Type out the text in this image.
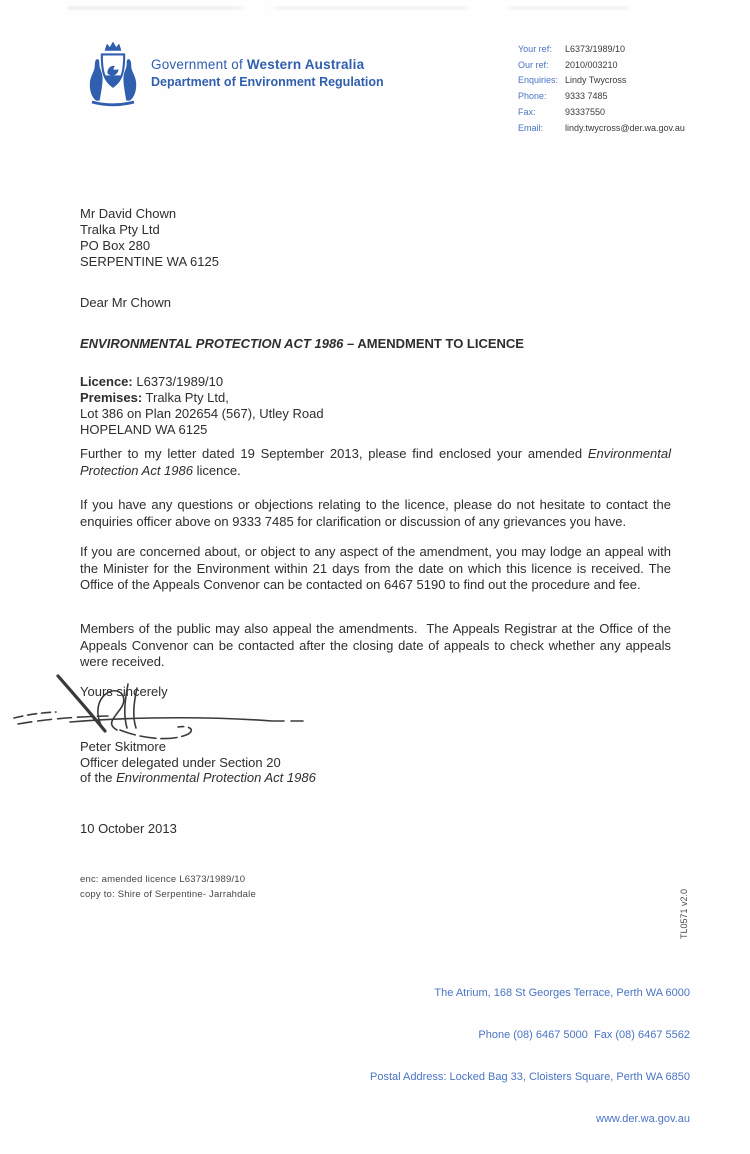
Government of Western Australia
Department of Environment Regulation
Your ref:	L6373/1989/10
Our ref:	2010/003210
Enquiries: Lindy Twycross
Phone:	9333 7485
Fax:	93337550
Email:	lindy.twycross@der.wa.gov.au
Mr David Chown
Tralka Pty Ltd
PO Box 280
SERPENTINE WA 6125
Dear Mr Chown
ENVIRONMENTAL PROTECTION ACT 1986 – AMENDMENT TO LICENCE
Licence: L6373/1989/10
Premises: Tralka Pty Ltd,
Lot 386 on Plan 202654 (567), Utley Road
HOPELAND WA 6125
Further to my letter dated 19 September 2013, please find enclosed your amended Environmental Protection Act 1986 licence.
If you have any questions or objections relating to the licence, please do not hesitate to contact the enquiries officer above on 9333 7485 for clarification or discussion of any grievances you have.
If you are concerned about, or object to any aspect of the amendment, you may lodge an appeal with the Minister for the Environment within 21 days from the date on which this licence is received. The Office of the Appeals Convenor can be contacted on 6467 5190 to find out the procedure and fee.
Members of the public may also appeal the amendments.  The Appeals Registrar at the Office of the Appeals Convenor can be contacted after the closing date of appeals to check whether any appeals were received.
Yours sincerely
Peter Skitmore
Officer delegated under Section 20
of the Environmental Protection Act 1986
10 October 2013
enc: amended licence L6373/1989/10
copy to: Shire of Serpentine- Jarrahdale	TL0571 v2.0

The Atrium, 168 St Georges Terrace, Perth WA 6000

Phone (08) 6467 5000  Fax (08) 6467 5562

Postal Address: Locked Bag 33, Cloisters Square, Perth WA 6850

www.der.wa.gov.au
